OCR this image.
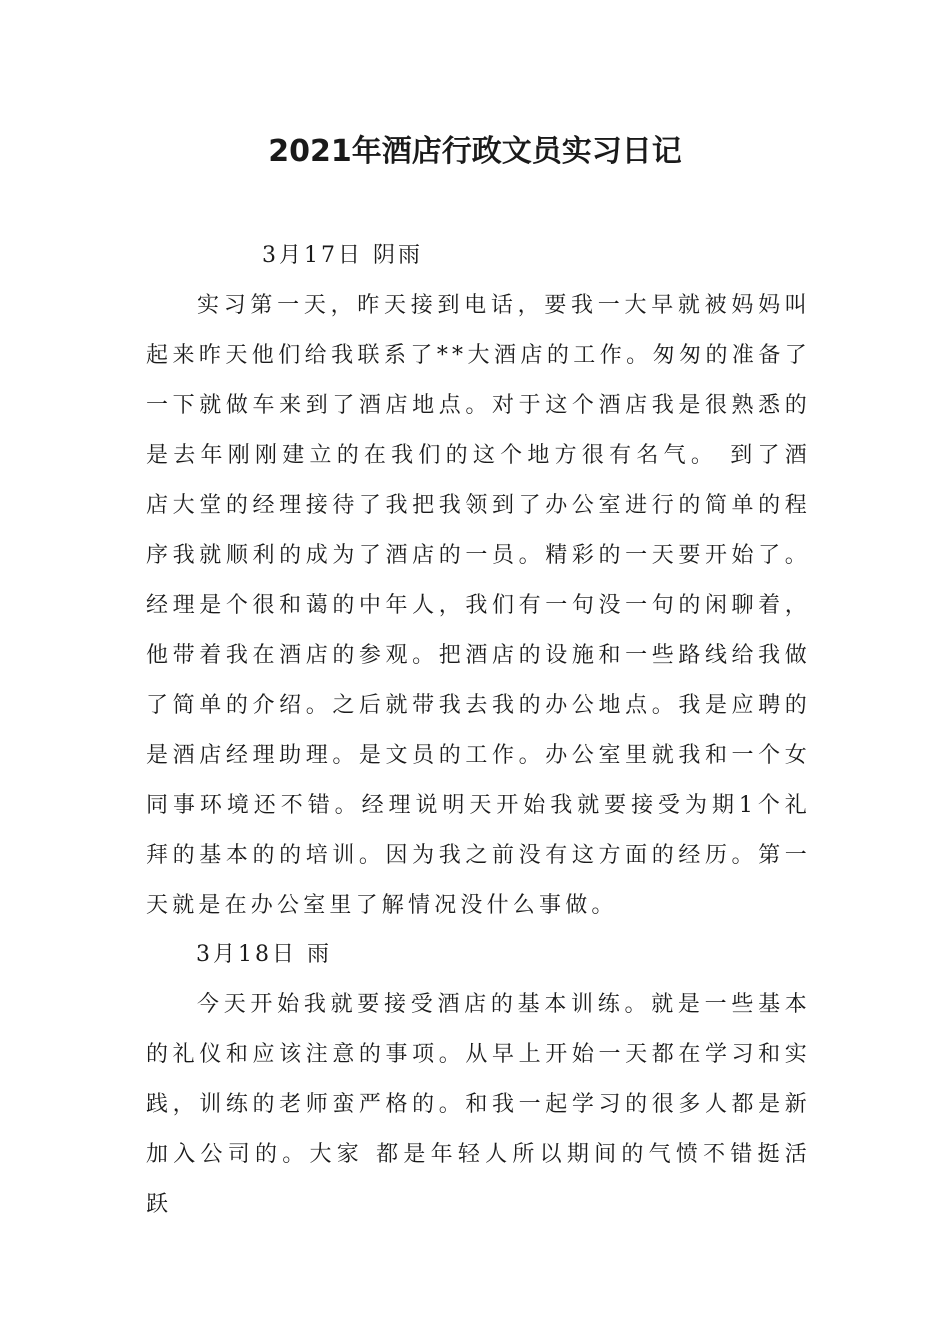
2021年酒店行政文员实习日记
3月17日 阴雨

实习第一天，昨天接到电话，要我一大早就被妈妈叫起来昨天他们给我联系了**大酒店的工作。匆匆的准备了一下就做车来到了酒店地点。对于这个酒店我是很熟悉的是去年刚刚建立的在我们的这个地方很有名气。 到了酒店大堂的经理接待了我把我领到了办公室进行的简单的程序我就顺利的成为了酒店的一员。精彩的一天要开始了。经理是个很和蔼的中年人，我们有一句没一句的闲聊着，他带着我在酒店的参观。把酒店的设施和一些路线给我做了简单的介绍。之后就带我去我的办公地点。我是应聘的是酒店经理助理。是文员的工作。办公室里就我和一个女同事环境还不错。经理说明天开始我就要接受为期1个礼拜的基本的的培训。因为我之前没有这方面的经历。第一天就是在办公室里了解情况没什么事做。

3月18日 雨

今天开始我就要接受酒店的基本训练。就是一些基本的礼仪和应该注意的事项。从早上开始一天都在学习和实践，训练的老师蛮严格的。和我一起学习的很多人都是新加入公司的。大家 都是年轻人所以期间的气愤不错挺活跃
